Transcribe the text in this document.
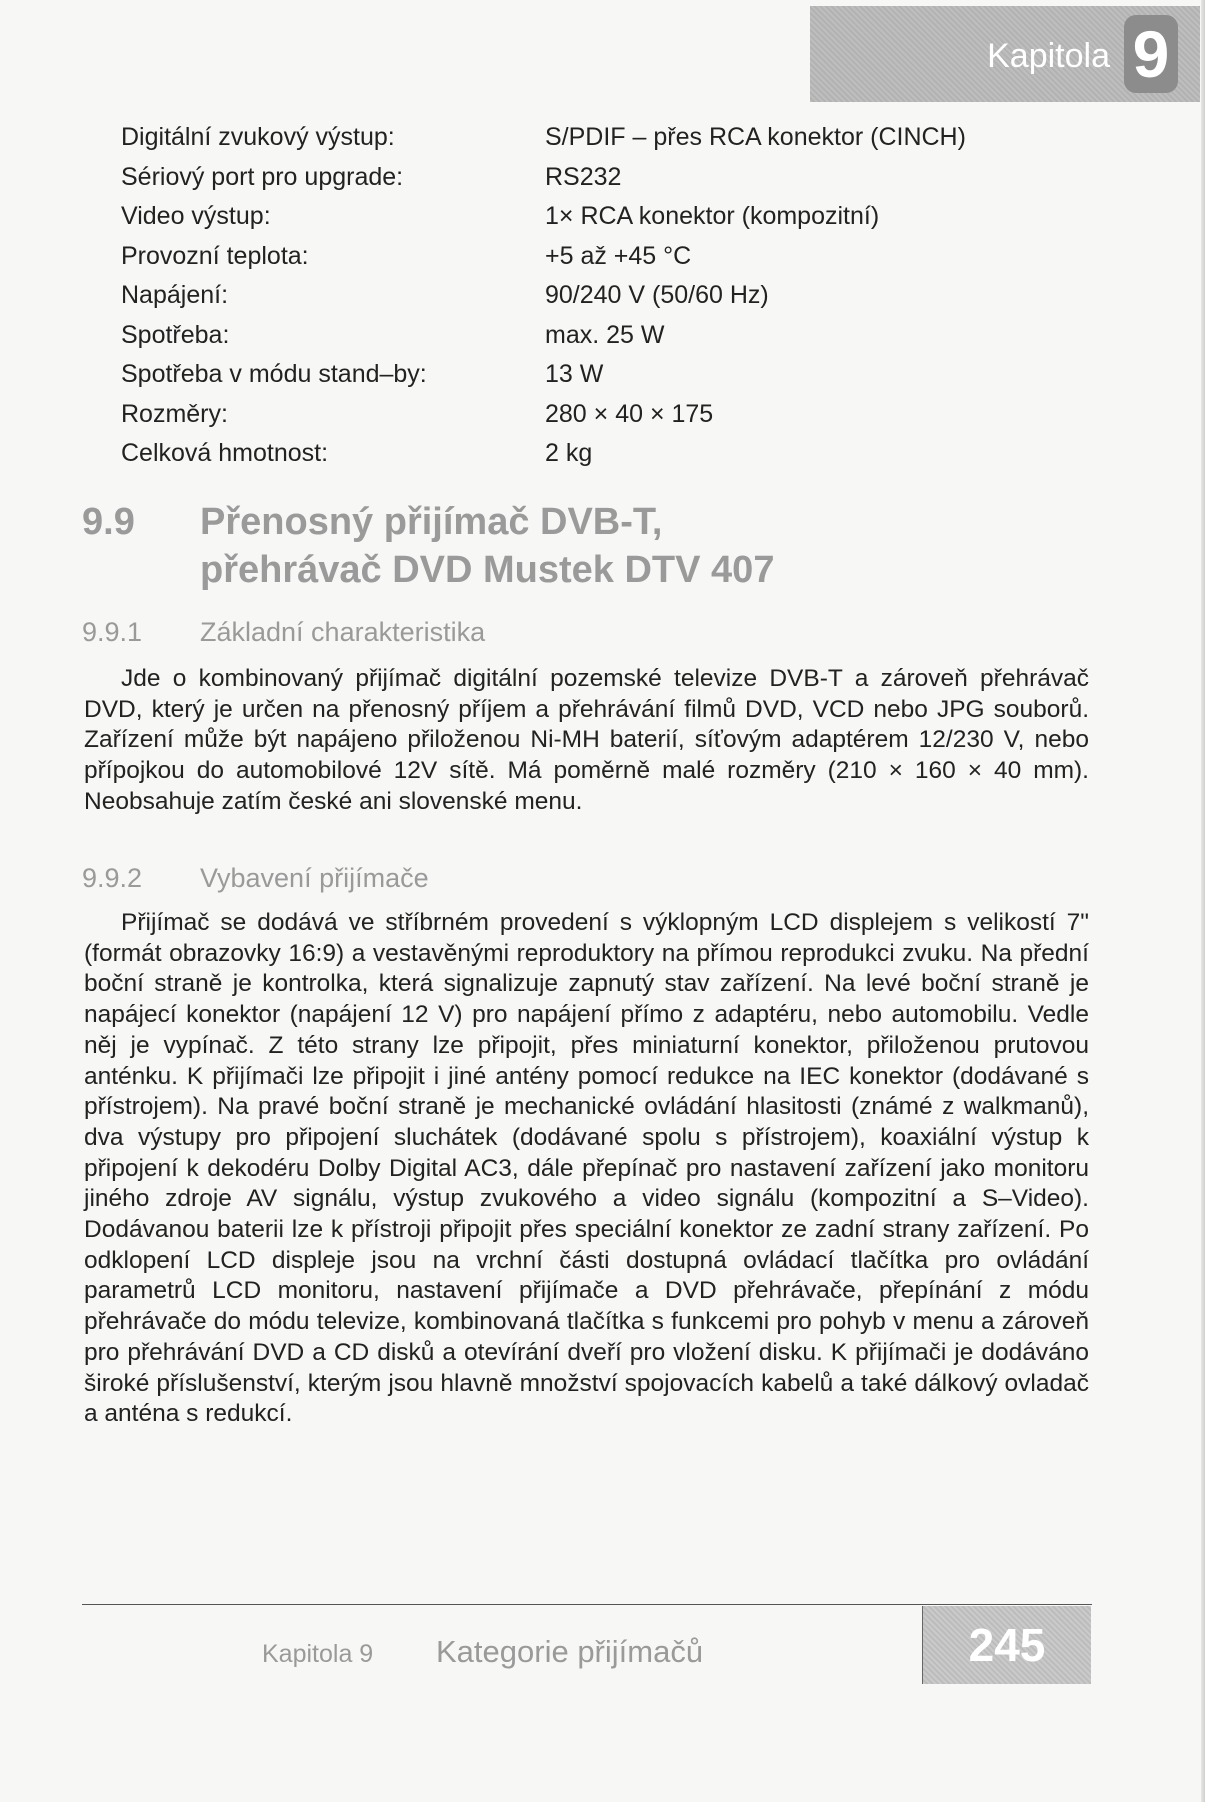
Kapitola 9
Digitální zvukový výstup:	S/PDIF – přes RCA konektor (CINCH)
Sériový port pro upgrade:	RS232
Video výstup:	1× RCA konektor (kompozitní)
Provozní teplota:	+5 až +45 °C
Napájení:	90/240 V (50/60 Hz)
Spotřeba:	max. 25 W
Spotřeba v módu stand–by:	13 W
Rozměry:	280 × 40 × 175
Celková hmotnost:	2 kg
9.9 Přenosný přijímač DVB-T,
přehrávač DVD Mustek DTV 407
9.9.1 Základní charakteristika

Jde o kombinovaný přijímač digitální pozemské televize DVB-T a zároveň přehrávač DVD, který je určen na přenosný příjem a přehrávání filmů DVD, VCD nebo JPG souborů. Zařízení může být napájeno přiloženou Ni-MH baterií, síťovým adaptérem 12/230 V, nebo přípojkou do automobilové 12V sítě. Má poměrně malé rozměry (210 × 160 × 40 mm). Neobsahuje zatím české ani slovenské menu.

9.9.2 Vybavení přijímače

Přijímač se dodává ve stříbrném provedení s výklopným LCD displejem s velikostí 7" (formát obrazovky 16:9) a vestavěnými reproduktory na přímou reprodukci zvuku. Na přední boční straně je kontrolka, která signalizuje zapnutý stav zařízení. Na levé boční straně je napájecí konektor (napájení 12 V) pro napájení přímo z adaptéru, nebo automobilu. Vedle něj je vypínač. Z této strany lze připojit, přes miniaturní konektor, přiloženou prutovou anténku. K přijímači lze připojit i jiné antény pomocí redukce na IEC konektor (dodávané s přístrojem). Na pravé boční straně je mechanické ovládání hlasitosti (známé z walkmanů), dva výstupy pro připojení sluchátek (dodávané spolu s přístrojem), koaxiální výstup k připojení k dekodéru Dolby Digital AC3, dále přepínač pro nastavení zařízení jako monitoru jiného zdroje AV signálu, výstup zvukového a video signálu (kompozitní a S–Video). Dodávanou baterii lze k přístroji připojit přes speciální konektor ze zadní strany zařízení. Po odklopení LCD displeje jsou na vrchní části dostupná ovládací tlačítka pro ovládání parametrů LCD monitoru, nastavení přijímače a DVD přehrávače, přepínání z módu přehrávače do módu televize, kombinovaná tlačítka s funkcemi pro pohyb v menu a zároveň pro přehrávání DVD a CD disků a otevírání dveří pro vložení disku. K přijímači je dodáváno široké příslušenství, kterým jsou hlavně množství spojovacích kabelů a také dálkový ovladač a anténa s redukcí.

Kapitola 9 Kategorie přijímačů	245
